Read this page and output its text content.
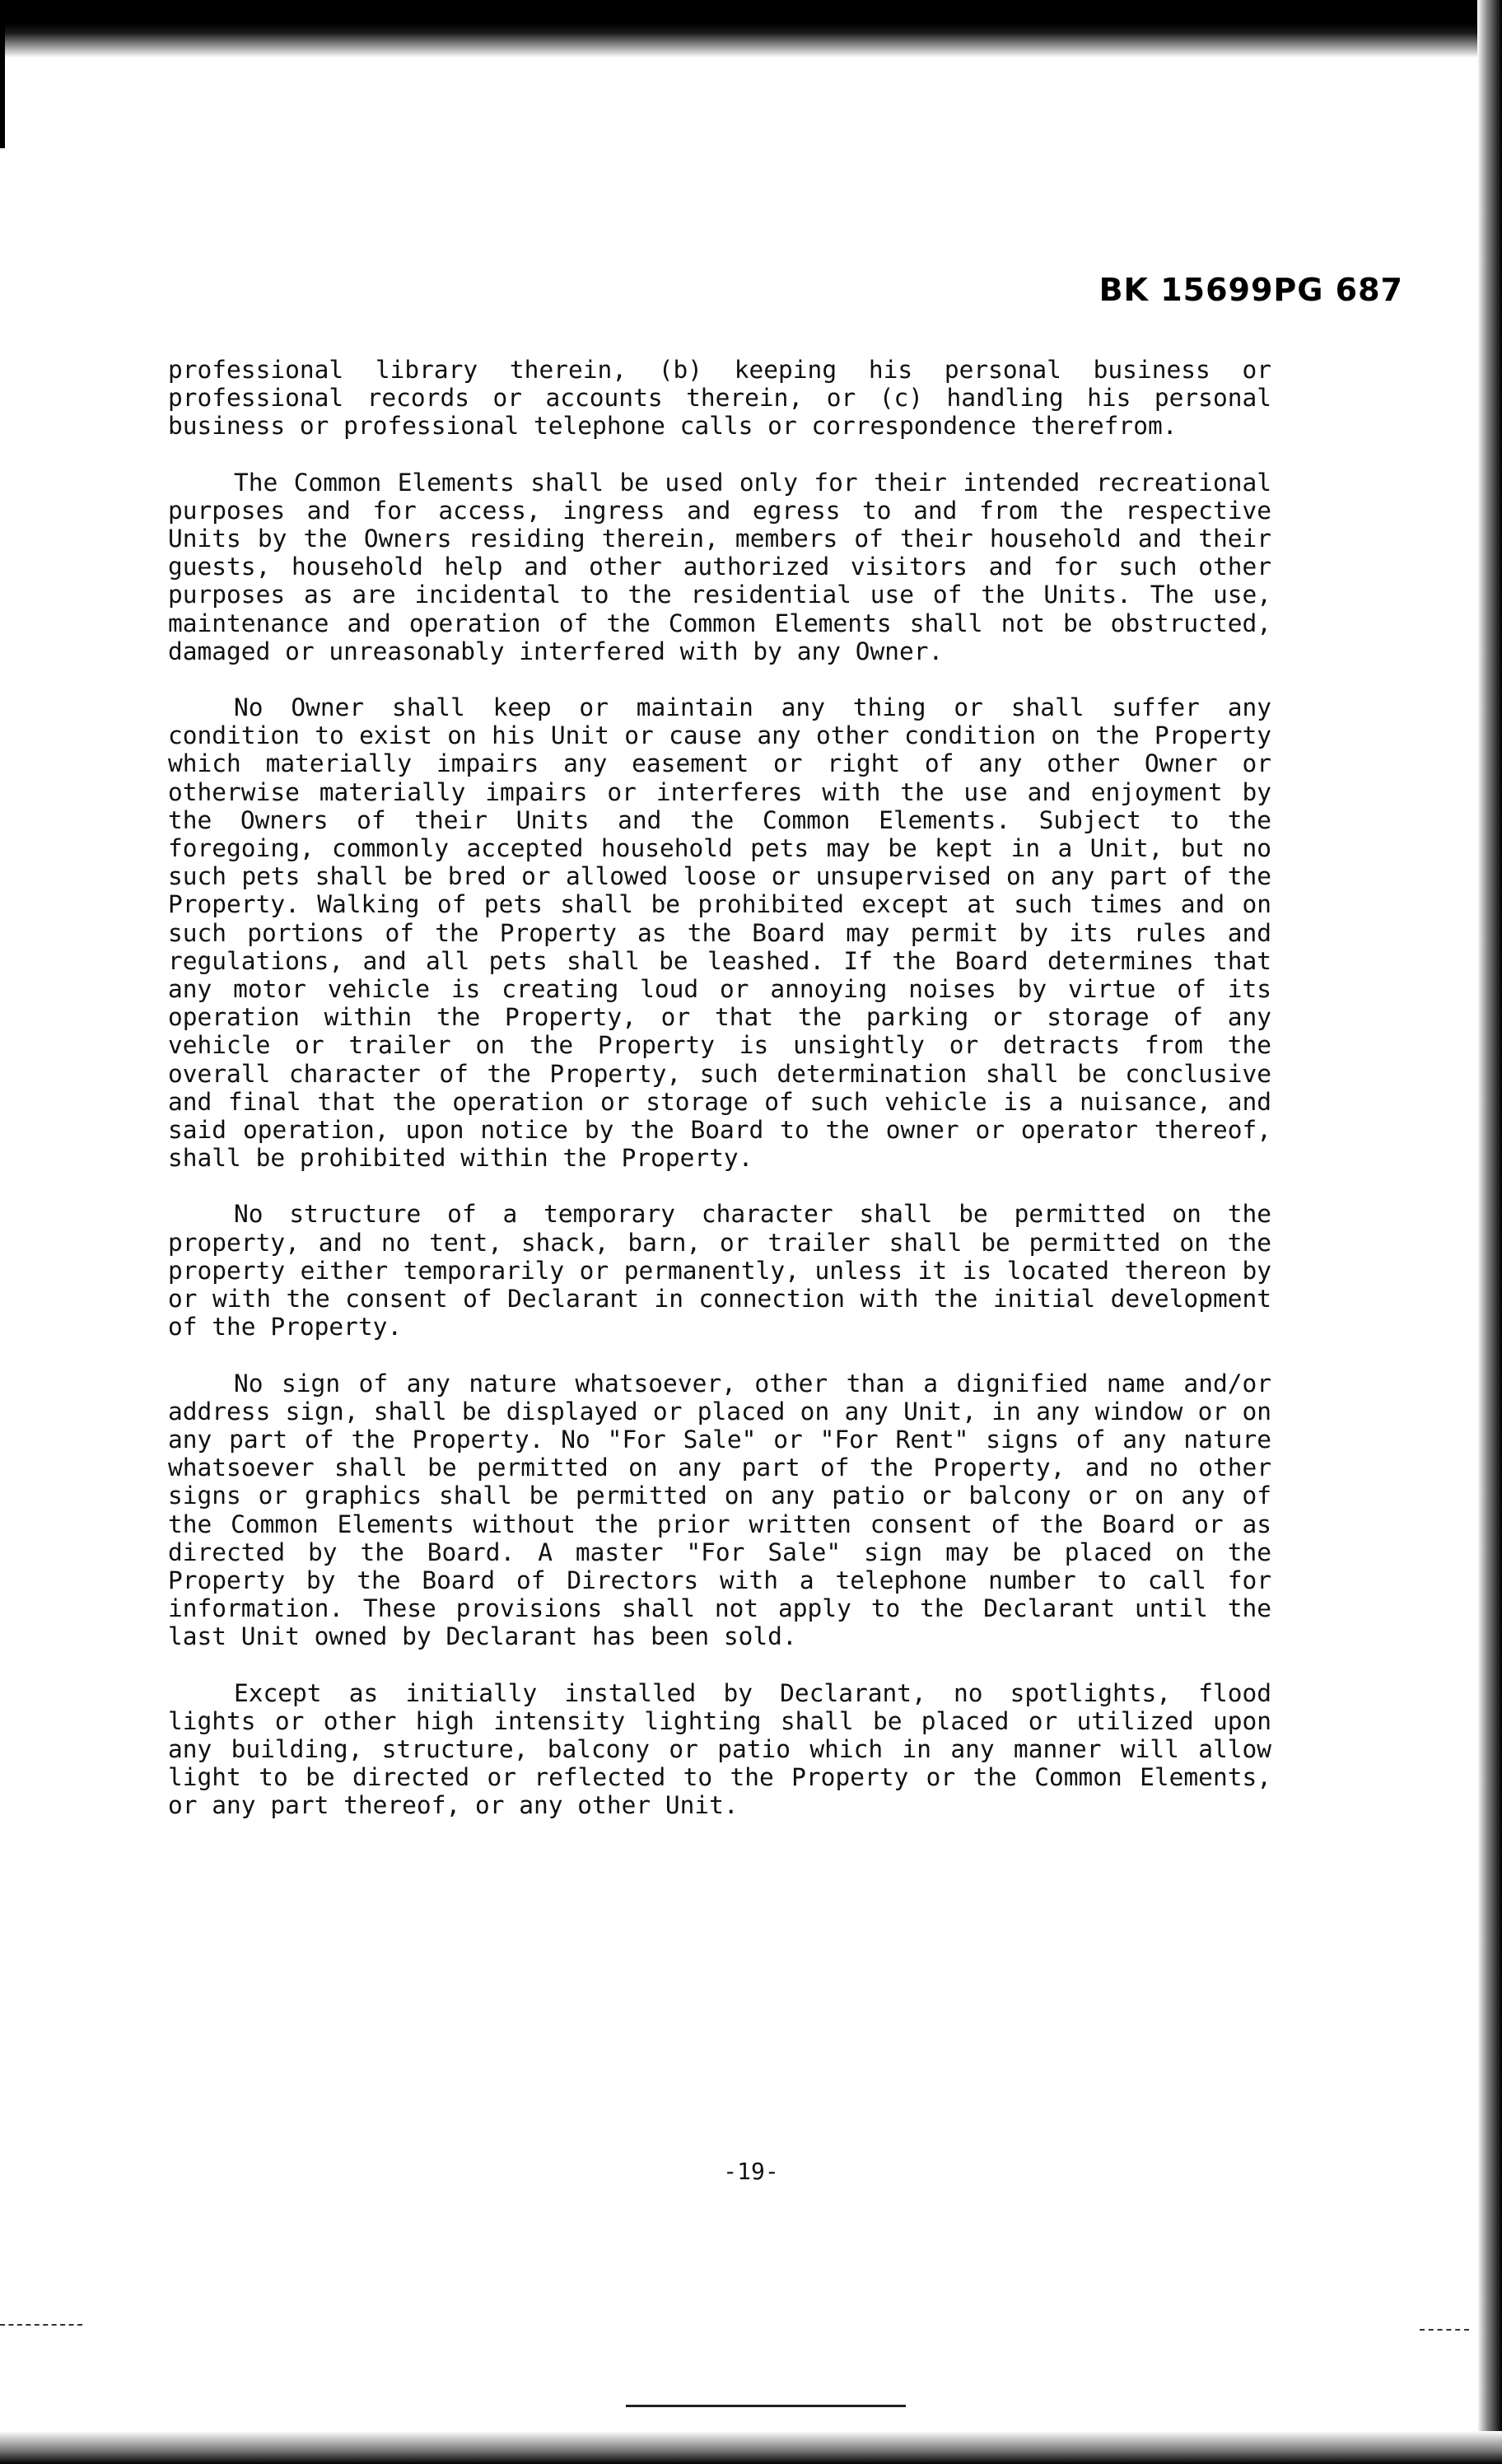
BK 15699PG 687

professional library therein, (b) keeping his personal business or professional records or accounts therein, or (c) handling his personal business or professional telephone calls or correspondence therefrom.

The Common Elements shall be used only for their intended recreational purposes and for access, ingress and egress to and from the respective Units by the Owners residing therein, members of their household and their guests, household help and other authorized visitors and for such other purposes as are incidental to the residential use of the Units. The use, maintenance and operation of the Common Elements shall not be obstructed, damaged or unreasonably interfered with by any Owner.

No Owner shall keep or maintain any thing or shall suffer any condition to exist on his Unit or cause any other condition on the Property which materially impairs any easement or right of any other Owner or otherwise materially impairs or interferes with the use and enjoyment by the Owners of their Units and the Common Elements. Subject to the foregoing, commonly accepted household pets may be kept in a Unit, but no such pets shall be bred or allowed loose or unsupervised on any part of the Property. Walking of pets shall be prohibited except at such times and on such portions of the Property as the Board may permit by its rules and regulations, and all pets shall be leashed. If the Board determines that any motor vehicle is creating loud or annoying noises by virtue of its operation within the Property, or that the parking or storage of any vehicle or trailer on the Property is unsightly or detracts from the overall character of the Property, such determination shall be conclusive and final that the operation or storage of such vehicle is a nuisance, and said operation, upon notice by the Board to the owner or operator thereof, shall be prohibited within the Property.

No structure of a temporary character shall be permitted on the property, and no tent, shack, barn, or trailer shall be permitted on the property either temporarily or permanently, unless it is located thereon by or with the consent of Declarant in connection with the initial development of the Property.

No sign of any nature whatsoever, other than a dignified name and/or address sign, shall be displayed or placed on any Unit, in any window or on any part of the Property. No "For Sale" or "For Rent" signs of any nature whatsoever shall be permitted on any part of the Property, and no other signs or graphics shall be permitted on any patio or balcony or on any of the Common Elements without the prior written consent of the Board or as directed by the Board. A master "For Sale" sign may be placed on the Property by the Board of Directors with a telephone number to call for information. These provisions shall not apply to the Declarant until the last Unit owned by Declarant has been sold.

Except as initially installed by Declarant, no spotlights, flood lights or other high intensity lighting shall be placed or utilized upon any building, structure, balcony or patio which in any manner will allow light to be directed or reflected to the Property or the Common Elements, or any part thereof, or any other Unit.

-19-
